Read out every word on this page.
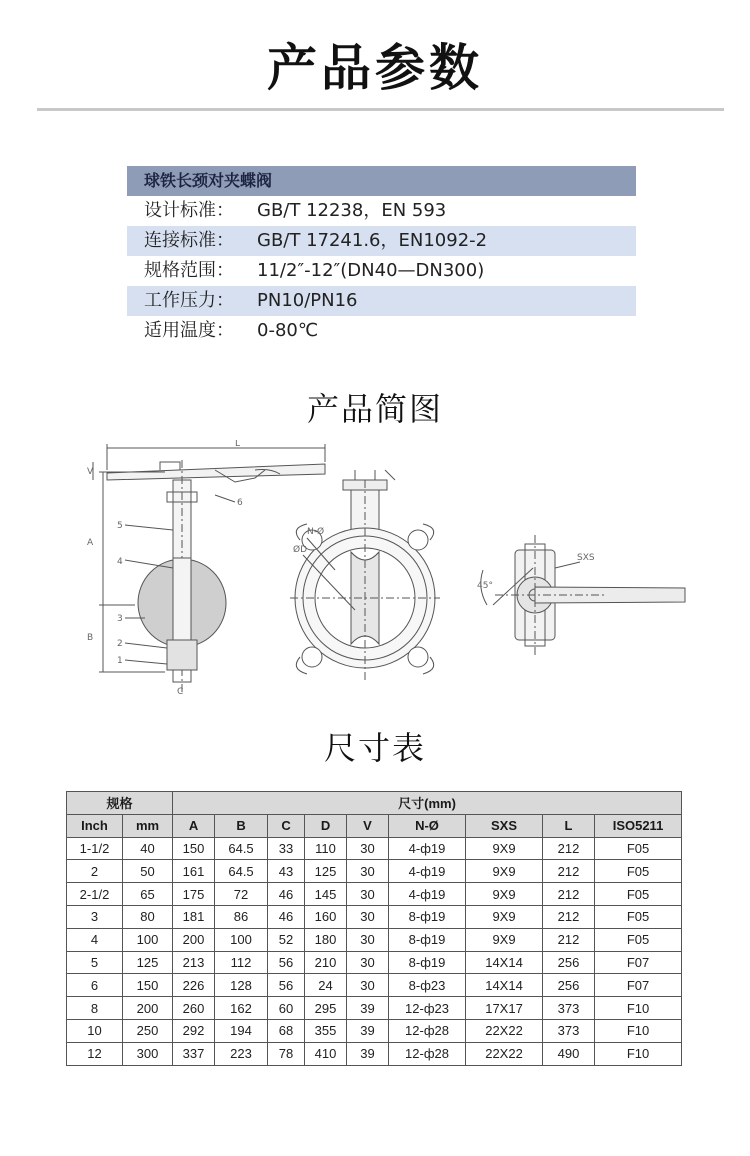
产品参数
球铁长颈对夹蝶阀
设计标准：	GB/T 12238，EN 593
连接标准：	GB/T 17241.6，EN1092-2
规格范围：	11/2″-12″(DN40—DN300)
工作压力：	PN10/PN16
适用温度：	0-80℃
产品简图
L
V
A
B
5
4
3
2
1
6
C
N-Ø
ØD
SXS
45°
尺寸表
规格		尺寸(mm)								
Inch	mm	A	B	C	D	V	N-Ø	SXS	L	ISO5211
1-1/2	40	150	64.5	33	110	30	4-ф19	9X9	212	F05
2	50	161	64.5	43	125	30	4-ф19	9X9	212	F05
2-1/2	65	175	72	46	145	30	4-ф19	9X9	212	F05
3	80	181	86	46	160	30	8-ф19	9X9	212	F05
4	100	200	100	52	180	30	8-ф19	9X9	212	F05
5	125	213	112	56	210	30	8-ф19	14X14	256	F07
6	150	226	128	56	24	30	8-ф23	14X14	256	F07
8	200	260	162	60	295	39	12-ф23	17X17	373	F10
10	250	292	194	68	355	39	12-ф28	22X22	373	F10
12	300	337	223	78	410	39	12-ф28	22X22	490	F10
